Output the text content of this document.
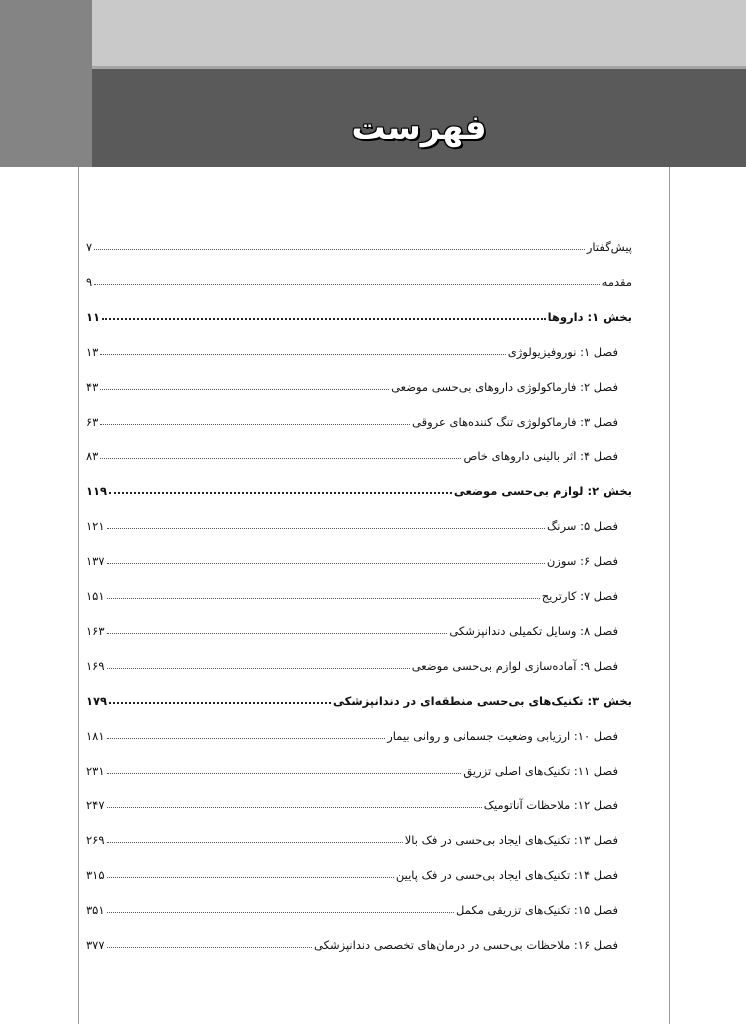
فهرست
پیش‌گفتار
۷
مقدمه
۹
بخش ۱: داروها
۱۱
فصل ۱: نوروفیزیولوژی
۱۳
فصل ۲: فارماکولوژی داروهای بی‌حسی موضعی
۴۳
فصل ۳: فارماکولوژی تنگ کننده‌های عروقی
۶۳
فصل ۴: اثر بالینی داروهای خاص
۸۳
بخش ۲: لوازم بی‌حسی موضعی
۱۱۹
فصل ۵: سرنگ
۱۲۱
فصل ۶: سوزن
۱۳۷
فصل ۷: کارتریج
۱۵۱
فصل ۸: وسایل تکمیلی دندانپزشکی
۱۶۳
فصل ۹: آماده‌سازی لوازم بی‌حسی موضعی
۱۶۹
بخش ۳: تکنیک‌های بی‌حسی منطقه‌ای در دندانپزشکی
۱۷۹
فصل ۱۰: ارزیابی وضعیت جسمانی و روانی بیمار
۱۸۱
فصل ۱۱: تکنیک‌های اصلی تزریق
۲۳۱
فصل ۱۲: ملاحظات آناتومیک
۲۴۷
فصل ۱۳: تکنیک‌های ایجاد بی‌حسی در فک بالا
۲۶۹
فصل ۱۴: تکنیک‌های ایجاد بی‌حسی در فک پایین
۳۱۵
فصل ۱۵: تکنیک‌های تزریقی مکمل
۳۵۱
فصل ۱۶: ملاحظات بی‌حسی در درمان‌های تخصصی دندانپزشکی
۳۷۷
